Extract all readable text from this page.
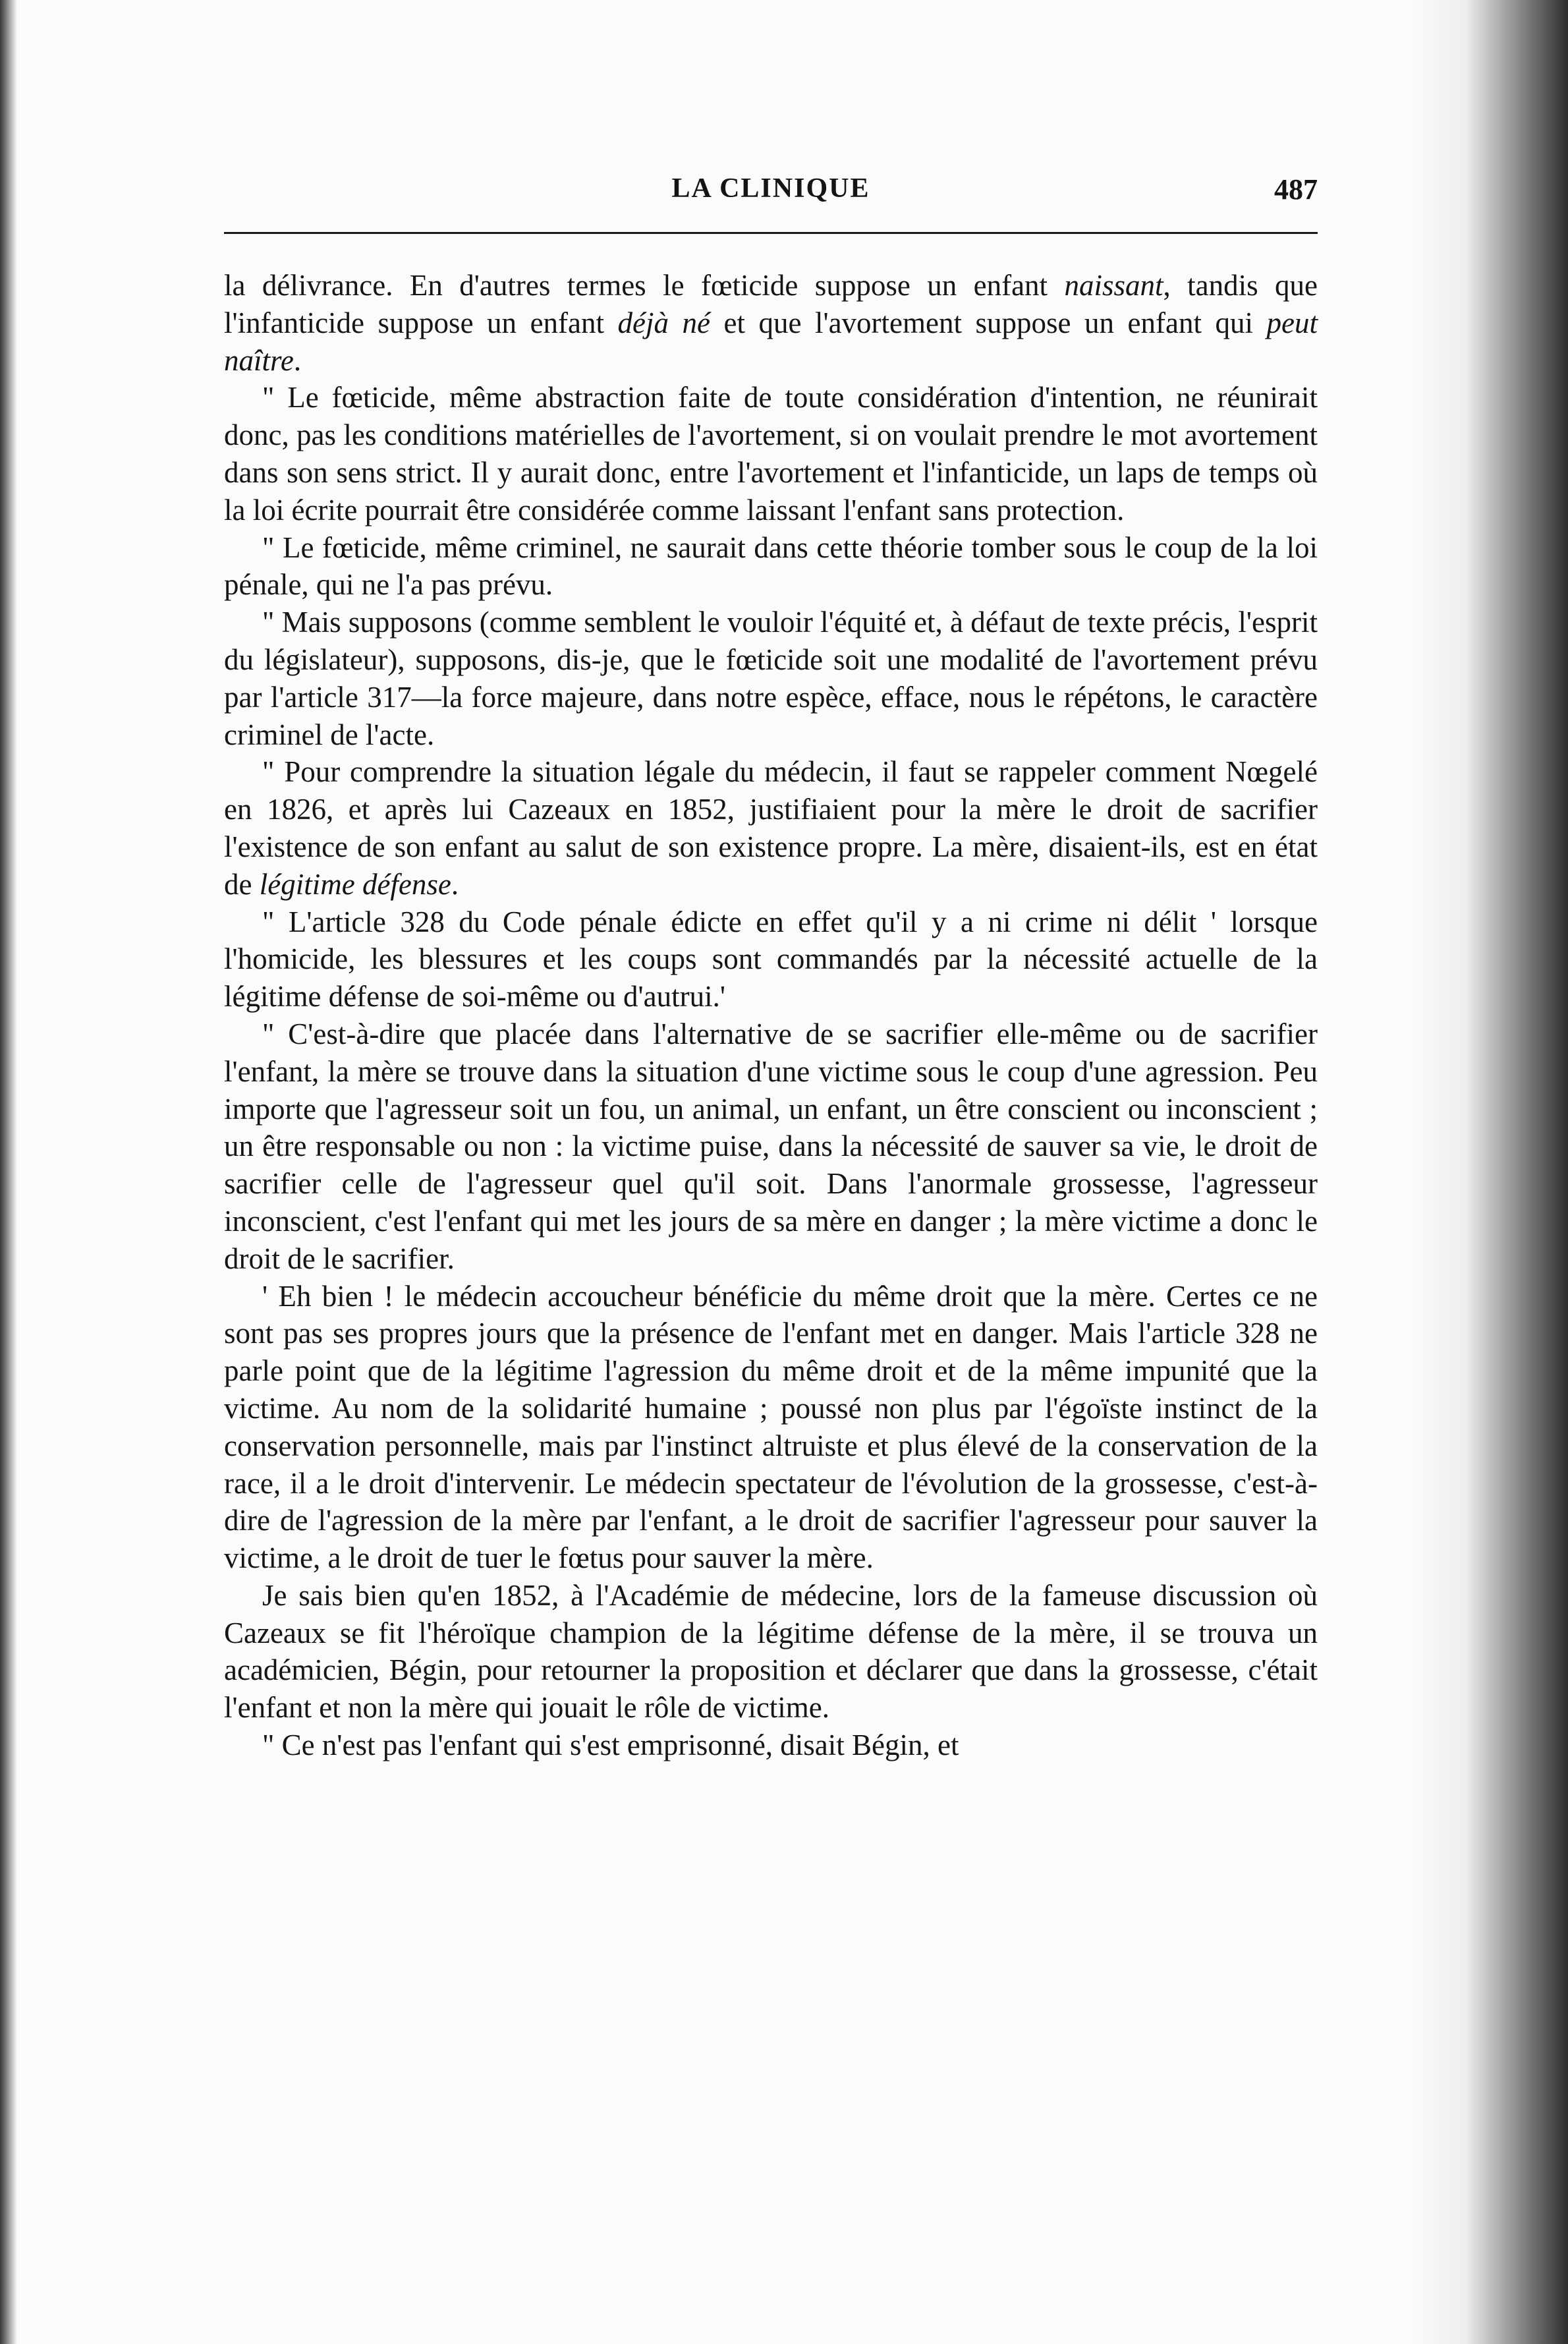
LA CLINIQUE	487

la délivrance. En d'autres termes le fœticide suppose un enfant naissant, tandis que l'infanticide suppose un enfant déjà né et que l'avortement suppose un enfant qui peut naître.

" Le fœticide, même abstraction faite de toute considération d'intention, ne réunirait donc, pas les conditions matérielles de l'avortement, si on voulait prendre le mot avortement dans son sens strict. Il y aurait donc, entre l'avortement et l'infanticide, un laps de temps où la loi écrite pourrait être considérée comme laissant l'enfant sans protection.

" Le fœticide, même criminel, ne saurait dans cette théorie tomber sous le coup de la loi pénale, qui ne l'a pas prévu.

" Mais supposons (comme semblent le vouloir l'équité et, à défaut de texte précis, l'esprit du législateur), supposons, dis-je, que le fœticide soit une modalité de l'avortement prévu par l'article 317—la force majeure, dans notre espèce, efface, nous le répétons, le caractère criminel de l'acte.

" Pour comprendre la situation légale du médecin, il faut se rappeler comment Nœgelé en 1826, et après lui Cazeaux en 1852, justifiaient pour la mère le droit de sacrifier l'existence de son enfant au salut de son existence propre. La mère, disaient-ils, est en état de légitime défense.

" L'article 328 du Code pénale édicte en effet qu'il y a ni crime ni délit ' lorsque l'homicide, les blessures et les coups sont commandés par la nécessité actuelle de la légitime défense de soi-même ou d'autrui.'

" C'est-à-dire que placée dans l'alternative de se sacrifier elle-même ou de sacrifier l'enfant, la mère se trouve dans la situation d'une victime sous le coup d'une agression. Peu importe que l'agresseur soit un fou, un animal, un enfant, un être conscient ou inconscient ; un être responsable ou non : la victime puise, dans la nécessité de sauver sa vie, le droit de sacrifier celle de l'agresseur quel qu'il soit. Dans l'anormale grossesse, l'agresseur inconscient, c'est l'enfant qui met les jours de sa mère en danger ; la mère victime a donc le droit de le sacrifier.

' Eh bien ! le médecin accoucheur bénéficie du même droit que la mère. Certes ce ne sont pas ses propres jours que la présence de l'enfant met en danger. Mais l'article 328 ne parle point que de la légitime l'agression du même droit et de la même impunité que la victime. Au nom de la solidarité humaine ; poussé non plus par l'égoïste instinct de la conservation personnelle, mais par l'instinct altruiste et plus élevé de la conservation de la race, il a le droit d'intervenir. Le médecin spectateur de l'évolution de la grossesse, c'est-à-dire de l'agression de la mère par l'enfant, a le droit de sacrifier l'agresseur pour sauver la victime, a le droit de tuer le fœtus pour sauver la mère.

Je sais bien qu'en 1852, à l'Académie de médecine, lors de la fameuse discussion où Cazeaux se fit l'héroïque champion de la légitime défense de la mère, il se trouva un académicien, Bégin, pour retourner la proposition et déclarer que dans la grossesse, c'était l'enfant et non la mère qui jouait le rôle de victime.

" Ce n'est pas l'enfant qui s'est emprisonné, disait Bégin, et
